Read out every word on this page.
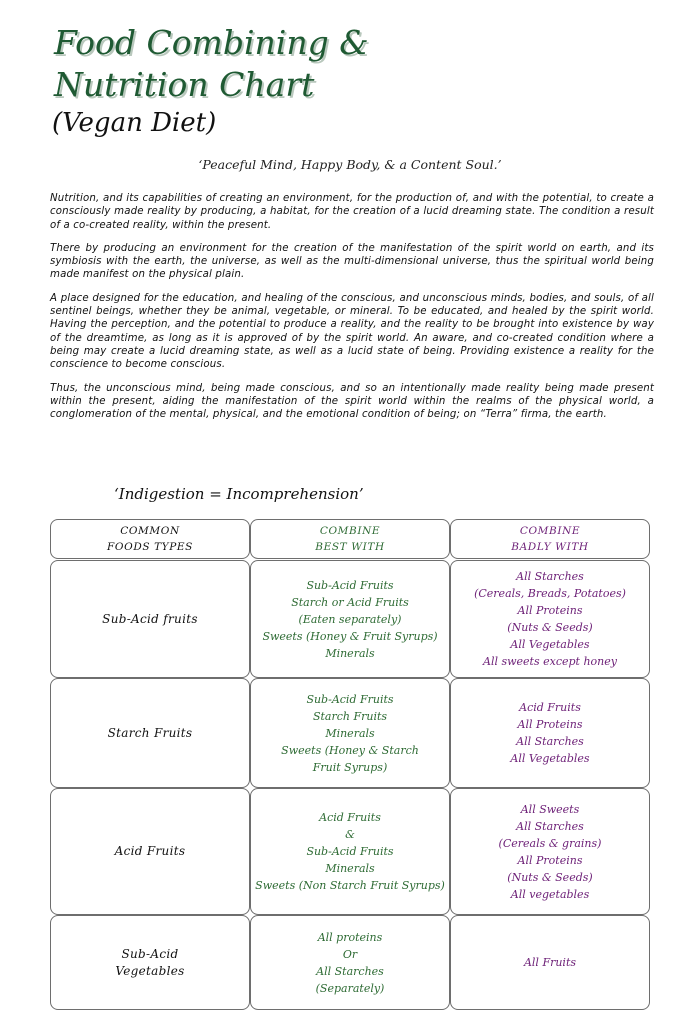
Food Combining &
Nutrition Chart
(Vegan Diet)
‘Peaceful Mind, Happy Body, & a Content Soul.’

Nutrition, and its capabilities of creating an environment, for the production of, and with the potential, to create a consciously made reality by producing, a habitat, for the creation of a lucid dreaming state. The condition a result of a co-created reality, within the present.

There by producing an environment for the creation of the manifestation of the spirit world on earth, and its symbiosis with the earth, the universe, as well as the multi-dimensional universe, thus the spiritual world being made manifest on the physical plain.

A place designed for the education, and healing of the conscious, and unconscious minds, bodies, and souls, of all sentinel beings, whether they be animal, vegetable, or mineral. To be educated, and healed by the spirit world. Having the perception, and the potential to produce a reality, and the reality to be brought into existence by way of the dreamtime, as long as it is approved of by the spirit world. An aware, and co-created condition where a being may create a lucid dreaming state, as well as a lucid state of being. Providing existence a reality for the conscience to become conscious.

Thus, the unconscious mind, being made conscious, and so an intentionally made reality being made present within the present, aiding the manifestation of the spirit world within the realms of the physical world, a conglomeration of the mental, physical, and the emotional condition of being; on “Terra” firma, the earth.

‘Indigestion = Incomprehension’
COMMON
FOODS TYPES
COMBINE
BEST WITH
COMBINE
BADLY WITH
Sub-Acid fruits
Sub-Acid Fruits
Starch or Acid Fruits
(Eaten separately)
Sweets (Honey & Fruit Syrups)
Minerals
All Starches
(Cereals, Breads, Potatoes)
All Proteins
(Nuts & Seeds)
All Vegetables
All sweets except honey
Starch Fruits
Sub-Acid Fruits
Starch Fruits
Minerals
Sweets (Honey & Starch
Fruit Syrups)
Acid Fruits
All Proteins
All Starches
All Vegetables
Acid Fruits
Acid Fruits
&
Sub-Acid Fruits
Minerals
Sweets (Non Starch Fruit Syrups)
All Sweets
All Starches
(Cereals & grains)
All Proteins
(Nuts & Seeds)
All vegetables
Sub-Acid
Vegetables
All proteins
Or
All Starches
(Separately)
All Fruits
